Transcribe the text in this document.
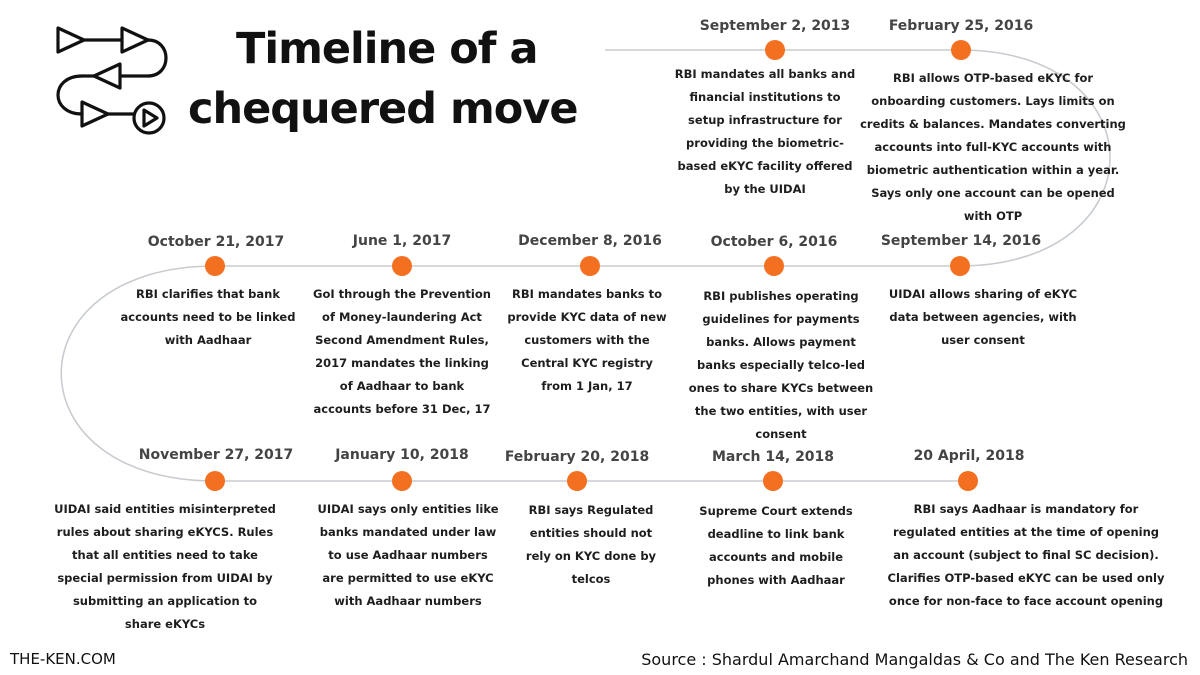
Timeline of a
chequered move
September 2, 2013	February 25, 2016
September 14, 2016
October 6, 2016
December 8, 2016
June 1, 2017
October 21, 2017
November 27, 2017	January 10, 2018	February 20, 2018	March 14, 2018	20 April, 2018
RBI mandates all banks and
financial institutions to
setup infrastructure for
providing the biometric-
based eKYC facility offered
by the UIDAI
RBI allows OTP-based eKYC for
onboarding customers. Lays limits on
credits & balances. Mandates converting
accounts into full-KYC accounts with
biometric authentication within a year.
Says only one account can be opened
with OTP
UIDAI allows sharing of eKYC
data between agencies, with
user consent
RBI publishes operating
guidelines for payments
banks. Allows payment
banks especially telco-led
ones to share KYCs between
the two entities, with user
consent
RBI mandates banks to
provide KYC data of new
customers with the
Central KYC registry
from 1 Jan, 17
GoI through the Prevention
of Money-laundering Act
Second Amendment Rules,
2017 mandates the linking
of Aadhaar to bank
accounts before 31 Dec, 17
RBI clarifies that bank
accounts need to be linked
with Aadhaar
UIDAI said entities misinterpreted
rules about sharing eKYCS. Rules
that all entities need to take
special permission from UIDAI by
submitting an application to
share eKYCs
UIDAI says only entities like
banks mandated under law
to use Aadhaar numbers
are permitted to use eKYC
with Aadhaar numbers
RBI says Regulated
entities should not
rely on KYC done by
telcos
Supreme Court extends
deadline to link bank
accounts and mobile
phones with Aadhaar
RBI says Aadhaar is mandatory for
regulated entities at the time of opening
an account (subject to final SC decision).
Clarifies OTP-based eKYC can be used only
once for non-face to face account opening
THE-KEN.COM	Source : Shardul Amarchand Mangaldas & Co and The Ken Research
